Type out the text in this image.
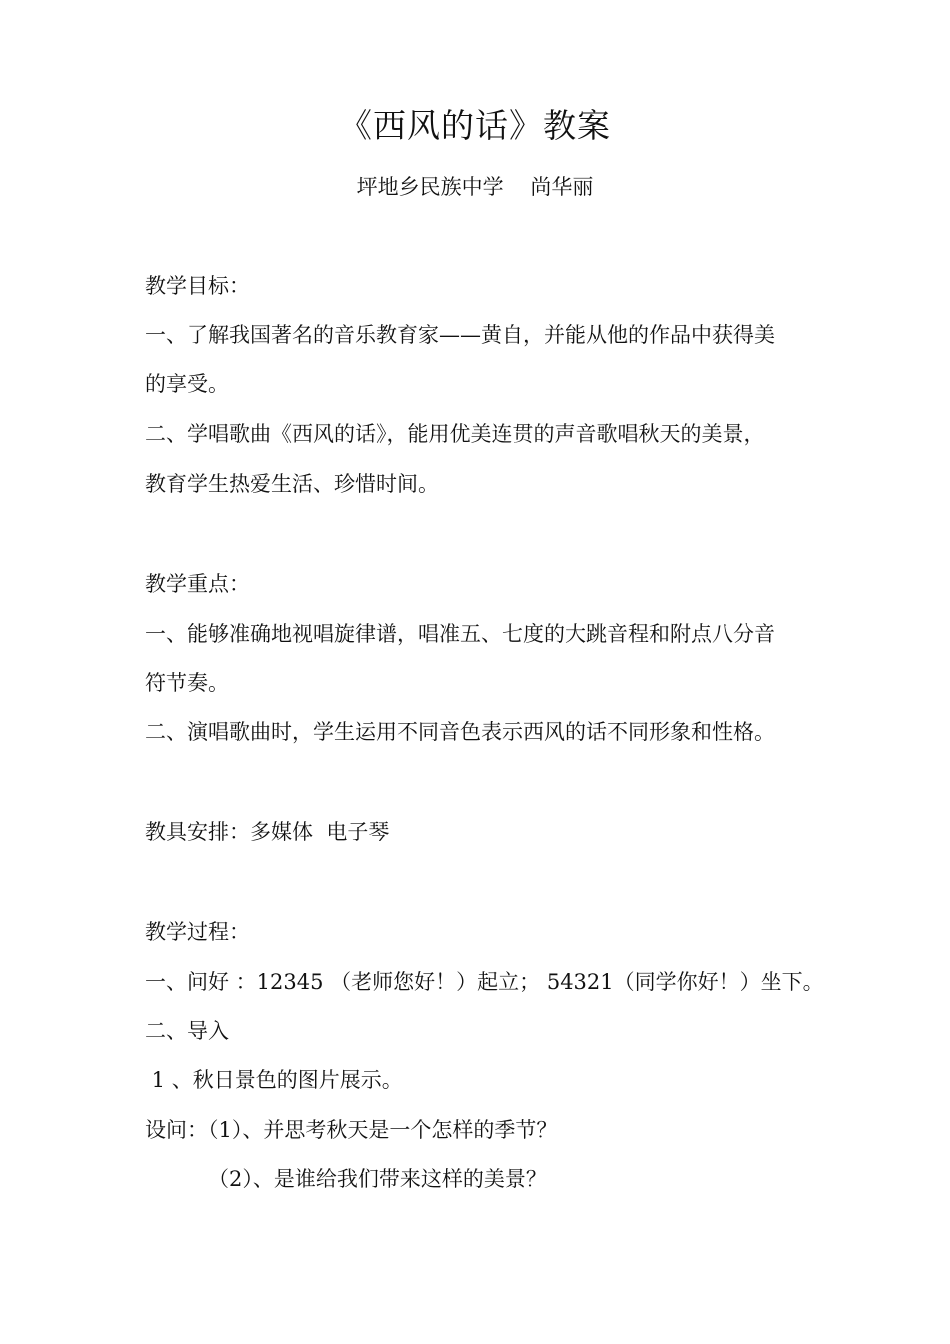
《西风的话》教案
坪地乡民族中学    尚华丽
教学目标：
一、了解我国著名的音乐教育家——黄自，并能从他的作品中获得美
的享受。
二、学唱歌曲《西风的话》，能用优美连贯的声音歌唱秋天的美景，
教育学生热爱生活、珍惜时间。
教学重点：
一、能够准确地视唱旋律谱，唱准五、七度的大跳音程和附点八分音
符节奏。
二、演唱歌曲时，学生运用不同音色表示西风的话不同形象和性格。
教具安排：多媒体  电子琴
教学过程：
一、问好 ：12345 （老师您好！）起立； 54321（同学你好！）坐下。
二、导入
1 、秋日景色的图片展示。
设问：（1）、并思考秋天是一个怎样的季节？
（2）、是谁给我们带来这样的美景？
